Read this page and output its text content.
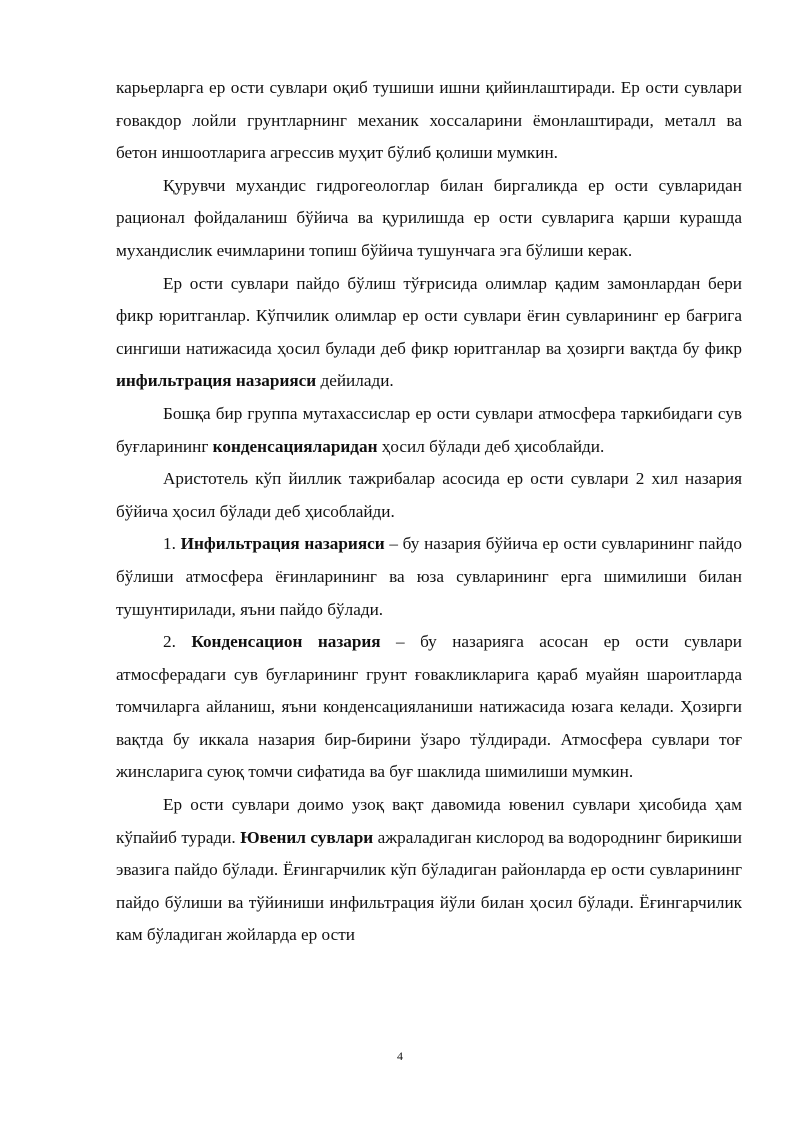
карьерларга ер ости сувлари оқиб тушиши ишни қийинлаштиради. Ер ости сувлари ғовакдор лойли грунтларнинг механик хоссаларини ёмонлаштиради, металл ва бетон иншоотларига агрессив муҳит бўлиб қолиши мумкин.

Қурувчи мухандис гидрогеологлар билан биргаликда ер ости сувларидан рационал фойдаланиш бўйича ва қурилишда ер ости сувларига қарши курашда мухандислик ечимларини топиш бўйича тушунчага эга бўлиши керак.

Ер ости сувлари пайдо бўлиш тўғрисида олимлар қадим замонлардан бери фикр юритганлар. Кўпчилик олимлар ер ости сувлари ёғин сувларининг ер бағрига сингиши натижасида ҳосил булади деб фикр юритганлар ва ҳозирги вақтда бу фикр инфильтрация назарияси дейилади.

Бошқа бир группа мутахассислар ер ости сувлари атмосфера таркибидаги сув буғларининг конденсацияларидан ҳосил бўлади деб ҳисоблайди.

Аристотель кўп йиллик тажрибалар асосида ер ости сувлари 2 хил назария бўйича ҳосил бўлади деб ҳисоблайди.

1. Инфильтрация назарияси – бу назария бўйича ер ости сувларининг пайдо бўлиши атмосфера ёғинларининг ва юза сувларининг ерга шимилиши билан тушунтирилади, яъни пайдо бўлади.

2. Конденсацион назария – бу назарияга асосан ер ости сувлари атмосферадаги сув буғларининг грунт ғовакликларига қараб муайян шароитларда томчиларга айланиш, яъни конденсацияланиши натижасида юзага келади. Ҳозирги вақтда бу иккала назария бир-бирини ўзаро тўлдиради. Атмосфера сувлари тоғ жинсларига суюқ томчи сифатида ва буғ шаклида шимилиши мумкин.

Ер ости сувлари доимо узоқ вақт давомида ювенил сувлари ҳисобида ҳам кўпайиб туради. Ювенил сувлари ажраладиган кислород ва водороднинг бирикиши эвазига пайдо бўлади. Ёғингарчилик кўп бўладиган районларда ер ости сувларининг пайдо бўлиши ва тўйиниши инфильтрация йўли билан ҳосил бўлади. Ёғингарчилик кам бўладиган жойларда ер ости

4
